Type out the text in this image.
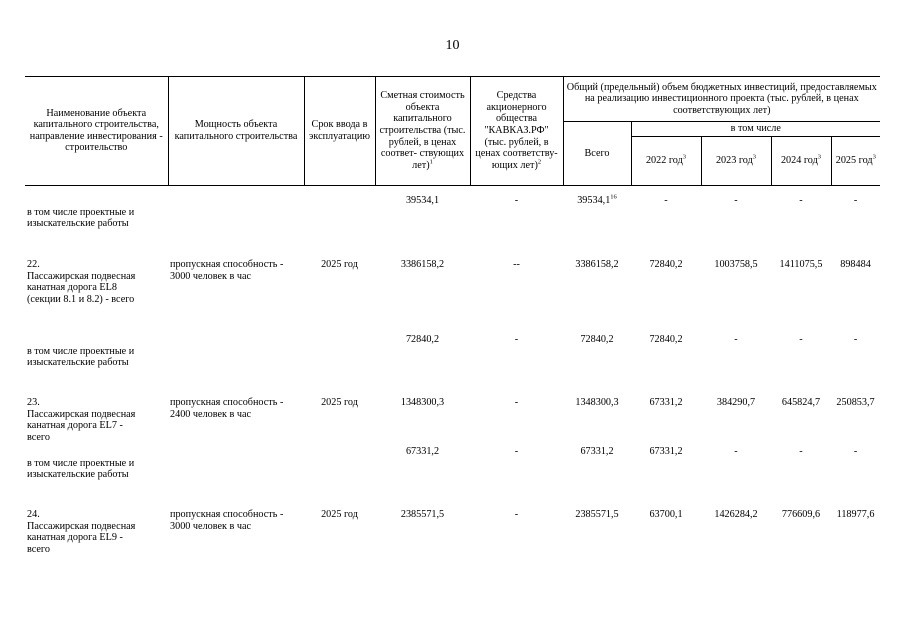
10
Наименование объекта капитального строительства, направление инвестирования - строительство	Мощность объекта капитального строительства	Срок ввода в эксплуатацию	Сметная стоимость объекта капитального строительства (тыс. рублей, в ценах соответ- ствующих лет)$^1$	Средства акционерного общества "КАВКАЗ.РФ" (тыс. рублей, в ценах соответству- ющих лет)$^2$	Общий (предельный) объем бюджетных инвестиций, предоставляемых на реализацию инвестиционного проекта (тыс. рублей, в ценах соответствующих лет)				
					Всего	в том числе			
						2022 год$^3$	2023 год$^3$	2024 год$^3$	2025 год$^3$

в том числе проектные и изыскательские работы			39534,1	-	39534,1$^{16}$	-	-	-	-
22.Пассажирская подвесная канатная дорога EL8 (секции 8.1 и 8.2) - всего	пропускная способность - 3000 человек в час	2025 год	3386158,2	--	3386158,2	72840,2	1003758,5	1411075,5	898484
в том числе проектные и изыскательские работы			72840,2	-	72840,2	72840,2	-	-	-
23.Пассажирская подвесная канатная дорога EL7 - всего	пропускная способность - 2400 человек в час	2025 год	1348300,3	-	1348300,3	67331,2	384290,7	645824,7	250853,7
в том числе проектные и изыскательские работы			67331,2	-	67331,2	67331,2	-	-	-
24.Пассажирская подвесная канатная дорога EL9 - всего	пропускная способность - 3000 человек в час	2025 год	2385571,5	-	2385571,5	63700,1	1426284,2	776609,6	118977,6
